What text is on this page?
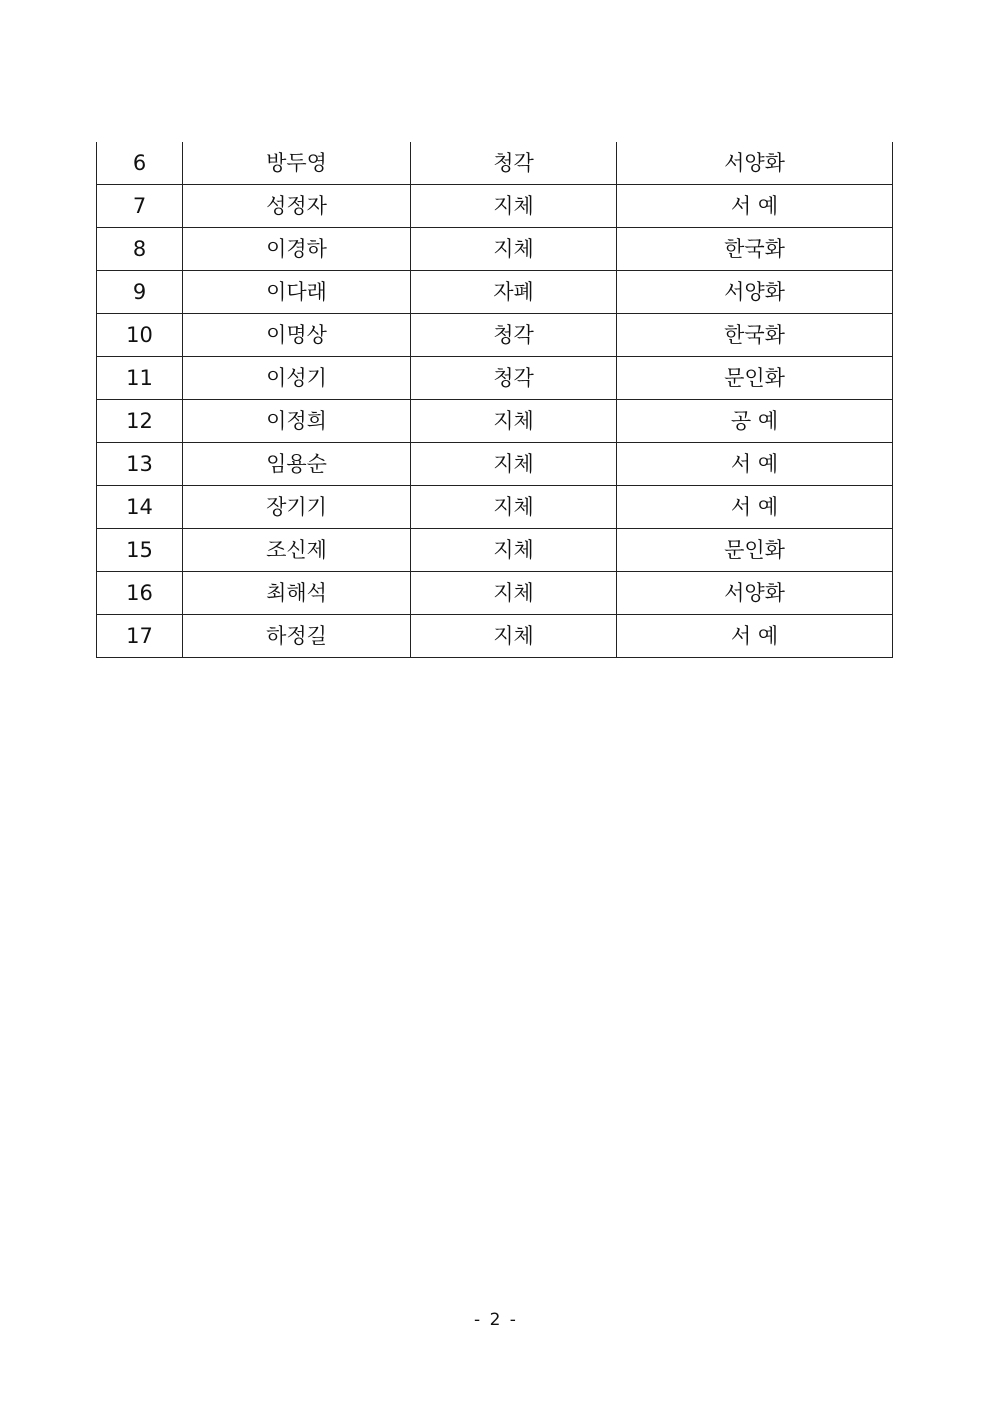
6	방두영	청각	서양화
7	성정자	지체	서 예
8	이경하	지체	한국화
9	이다래	자폐	서양화
10	이명상	청각	한국화
11	이성기	청각	문인화
12	이정희	지체	공 예
13	임용순	지체	서 예
14	장기기	지체	서 예
15	조신제	지체	문인화
16	최해석	지체	서양화
17	하정길	지체	서 예
- 2 -
